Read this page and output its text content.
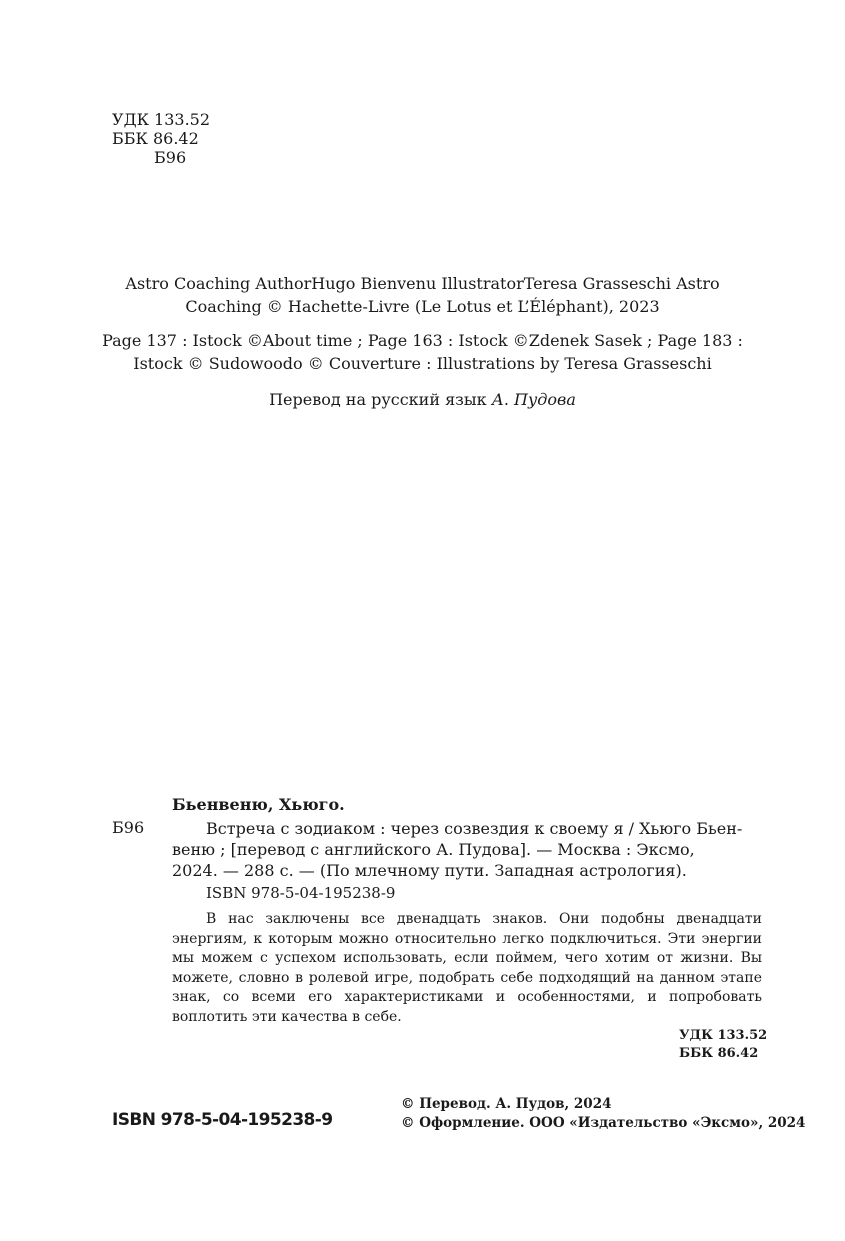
УДК 133.52
ББК 86.42
Б96
Astro Coaching AuthorHugo Bienvenu IllustratorTeresa Grasseschi Astro
Coaching © Hachette-Livre (Le Lotus et L’Éléphant), 2023
Page 137 : Istock ©About time ; Page 163 : Istock ©Zdenek Sasek ; Page 183 :
Istock © Sudowoodo © Couverture : Illustrations by Teresa Grasseschi
Перевод на русский язык А. Пудова
Бьенвеню, Хьюго.
Б96	Встреча с зодиаком : через созвездия к своему я / Хьюго Бьен-
веню ; [перевод с английского А. Пудова]. — Москва : Эксмо,
2024. — 288 с. — (По млечному пути. Западная астрология).
ISBN 978-5-04-195238-9

В нас заключены все двенадцать знаков. Они подобны двенадцати энергиям, к которым можно относительно легко подключиться. Эти энергии мы можем с успехом использовать, если поймем, чего хотим от жизни. Вы можете, словно в ролевой игре, подобрать себе подходящий на данном этапе знак, со всеми его характеристиками и особенностями, и попробовать воплотить эти качества в себе.

УДК 133.52
ББК 86.42
ISBN 978-5-04-195238-9
© Перевод. А. Пудов, 2024
© Оформление. ООО «Издательство «Эксмо», 2024
